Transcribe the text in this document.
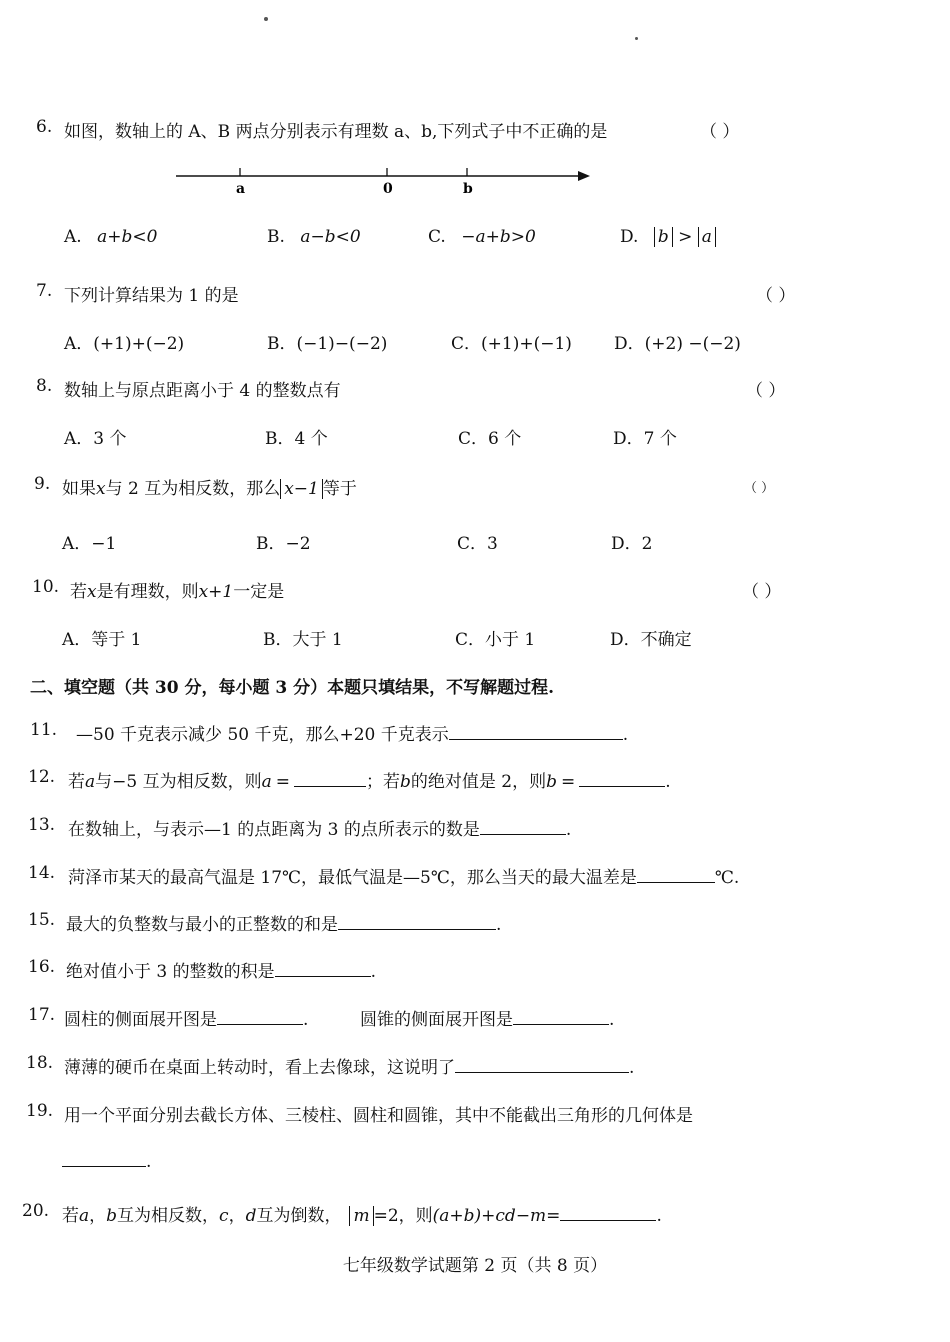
6. 如图，数轴上的 A、B 两点分别表示有理数 a、b,下列式子中不正确的是	（ ）
a	0	b
A. a+b<0	B. a−b<0	C. −a+b>0	D. b > a
7. 下列计算结果为 1 的是	（ ）
A．(+1)+(−2)	B．(−1)−(−2)	C．(+1)+(−1) D．(+2) −(−2)
8. 数轴上与原点距离小于 4 的整数点有	（ ）
A．3 个	B．4 个	C．6 个	D．7 个
9. 如果x与 2 互为相反数，那么 x−1 等于	（ ）
A．−1	B．−2	C．3	D．2
10. 若x是有理数，则x+1一定是	（ ）
A．等于 1	B．大于 1	C．小于 1	D．不确定
二、填空题（共 30 分，每小题 3 分）本题只填结果，不写解题过程.
11. —50 千克表示减少 50 千克，那么+20 千克表示	.
12. 若a与−5 互为相反数，则a =	；若b的绝对值是 2，则b =	.
13. 在数轴上，与表示—1 的点距离为 3 的点所表示的数是	.
14. 菏泽市某天的最高气温是 17℃，最低气温是—5℃，那么当天的最大温差是	℃.
15. 最大的负整数与最小的正整数的和是	.
16. 绝对值小于 3 的整数的积是	.
17. 圆柱的侧面展开图是	.	圆锥的侧面展开图是	.
18. 薄薄的硬币在桌面上转动时，看上去像球，这说明了	.
19. 用一个平面分别去截长方体、三棱柱、圆柱和圆锥，其中不能截出三角形的几何体是
.
20. 若a，b互为相反数，c，d互为倒数， m =2，则(a+b)+cd−m=	.
七年级数学试题第 2 页（共 8 页）
